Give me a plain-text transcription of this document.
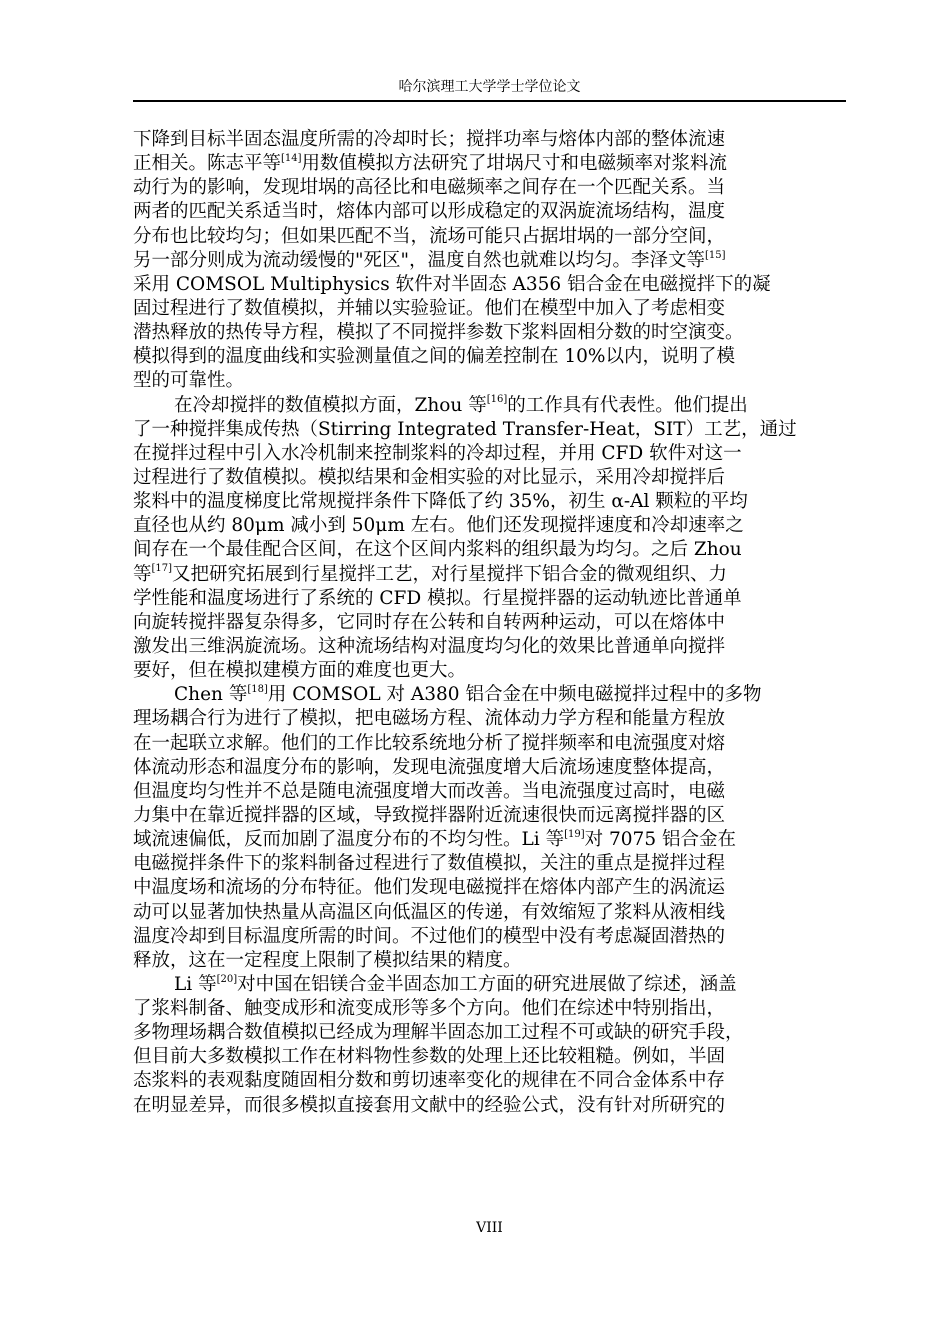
哈尔滨理工大学学士学位论文
下降到目标半固态温度所需的冷却时长；搅拌功率与熔体内部的整体流速
正相关。陈志平等[14]用数值模拟方法研究了坩埚尺寸和电磁频率对浆料流
动行为的影响，发现坩埚的高径比和电磁频率之间存在一个匹配关系。当
两者的匹配关系适当时，熔体内部可以形成稳定的双涡旋流场结构，温度
分布也比较均匀；但如果匹配不当，流场可能只占据坩埚的一部分空间，
另一部分则成为流动缓慢的"死区"，温度自然也就难以均匀。李泽文等[15]
采用 COMSOL Multiphysics 软件对半固态 A356 铝合金在电磁搅拌下的凝
固过程进行了数值模拟，并辅以实验验证。他们在模型中加入了考虑相变
潜热释放的热传导方程，模拟了不同搅拌参数下浆料固相分数的时空演变。
模拟得到的温度曲线和实验测量值之间的偏差控制在 10%以内，说明了模
型的可靠性。
在冷却搅拌的数值模拟方面，Zhou 等[16]的工作具有代表性。他们提出
了一种搅拌集成传热（Stirring Integrated Transfer-Heat，SIT）工艺，通过
在搅拌过程中引入水冷机制来控制浆料的冷却过程，并用 CFD 软件对这一
过程进行了数值模拟。模拟结果和金相实验的对比显示，采用冷却搅拌后
浆料中的温度梯度比常规搅拌条件下降低了约 35%，初生 α-Al 颗粒的平均
直径也从约 80μm 减小到 50μm 左右。他们还发现搅拌速度和冷却速率之
间存在一个最佳配合区间，在这个区间内浆料的组织最为均匀。之后 Zhou
等[17]又把研究拓展到行星搅拌工艺，对行星搅拌下铝合金的微观组织、力
学性能和温度场进行了系统的 CFD 模拟。行星搅拌器的运动轨迹比普通单
向旋转搅拌器复杂得多，它同时存在公转和自转两种运动，可以在熔体中
激发出三维涡旋流场。这种流场结构对温度均匀化的效果比普通单向搅拌
要好，但在模拟建模方面的难度也更大。
Chen 等[18]用 COMSOL 对 A380 铝合金在中频电磁搅拌过程中的多物
理场耦合行为进行了模拟，把电磁场方程、流体动力学方程和能量方程放
在一起联立求解。他们的工作比较系统地分析了搅拌频率和电流强度对熔
体流动形态和温度分布的影响，发现电流强度增大后流场速度整体提高，
但温度均匀性并不总是随电流强度增大而改善。当电流强度过高时，电磁
力集中在靠近搅拌器的区域，导致搅拌器附近流速很快而远离搅拌器的区
域流速偏低，反而加剧了温度分布的不均匀性。Li 等[19]对 7075 铝合金在
电磁搅拌条件下的浆料制备过程进行了数值模拟，关注的重点是搅拌过程
中温度场和流场的分布特征。他们发现电磁搅拌在熔体内部产生的涡流运
动可以显著加快热量从高温区向低温区的传递，有效缩短了浆料从液相线
温度冷却到目标温度所需的时间。不过他们的模型中没有考虑凝固潜热的
释放，这在一定程度上限制了模拟结果的精度。
Li 等[20]对中国在铝镁合金半固态加工方面的研究进展做了综述，涵盖
了浆料制备、触变成形和流变成形等多个方向。他们在综述中特别指出，
多物理场耦合数值模拟已经成为理解半固态加工过程不可或缺的研究手段，
但目前大多数模拟工作在材料物性参数的处理上还比较粗糙。例如，半固
态浆料的表观黏度随固相分数和剪切速率变化的规律在不同合金体系中存
在明显差异，而很多模拟直接套用文献中的经验公式，没有针对所研究的
VIII
